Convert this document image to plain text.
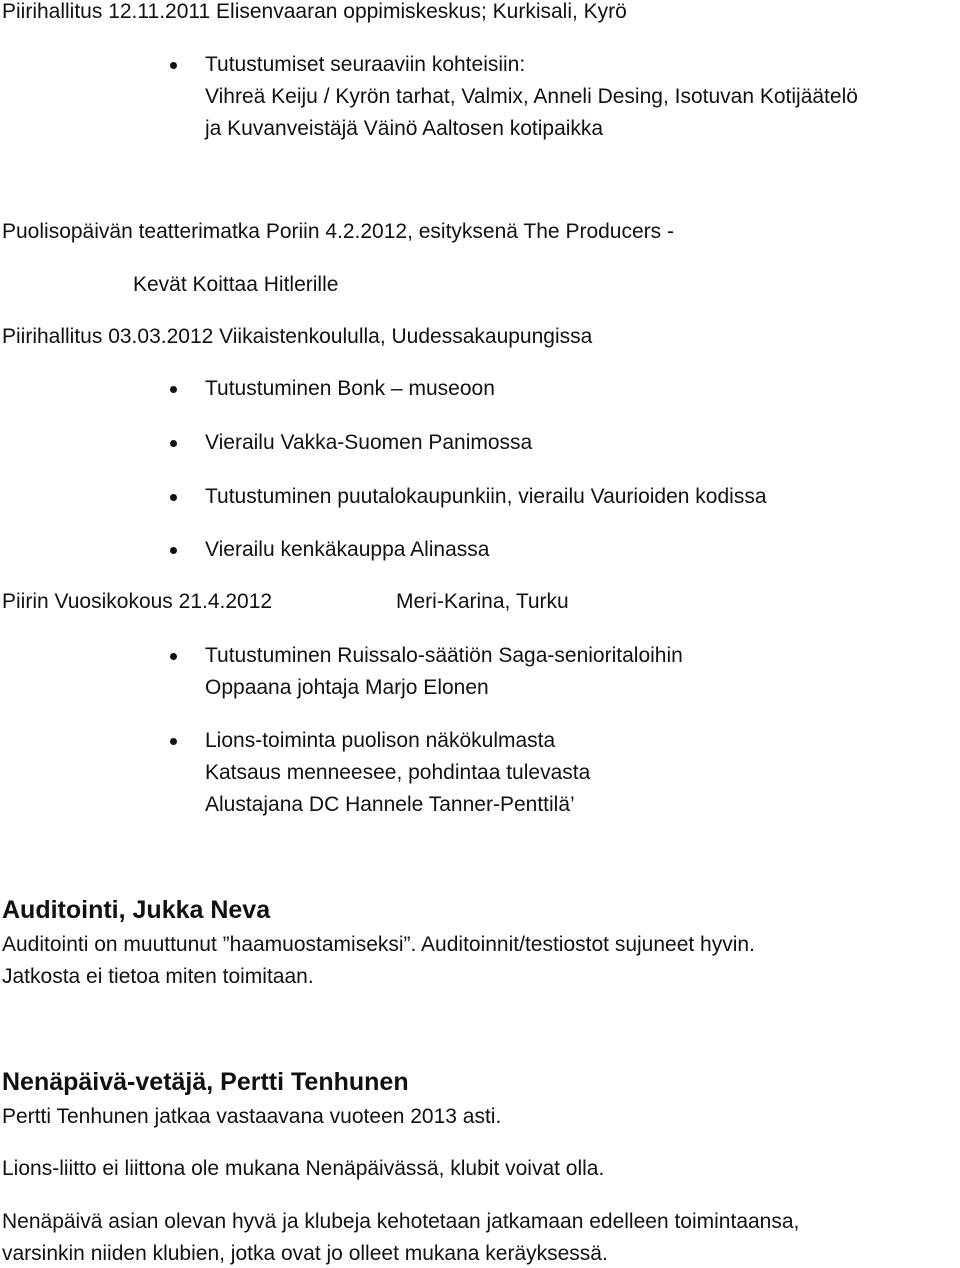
Piirihallitus 12.11.2011 Elisenvaaran oppimiskeskus; Kurkisali, Kyrö
Tutustumiset seuraaviin kohteisiin:
Vihreä Keiju / Kyrön tarhat, Valmix, Anneli Desing, Isotuvan Kotijäätelö
ja Kuvanveistäjä Väinö Aaltosen kotipaikka
Puolisopäivän teatterimatka Poriin 4.2.2012, esityksenä The Producers -
Kevät Koittaa Hitlerille
Piirihallitus 03.03.2012 Viikaistenkoululla, Uudessakaupungissa
Tutustuminen Bonk – museoon
Vierailu Vakka-Suomen Panimossa
Tutustuminen puutalokaupunkiin, vierailu Vaurioiden kodissa
Vierailu kenkäkauppa Alinassa
Piirin Vuosikokous 21.4.2012	Meri-Karina, Turku
Tutustuminen Ruissalo-säätiön Saga-senioritaloihin
Oppaana johtaja Marjo Elonen
Lions-toiminta puolison näkökulmasta
Katsaus menneesee, pohdintaa tulevasta
Alustajana DC Hannele Tanner-Penttilä’
Auditointi, Jukka Neva
Auditointi on muuttunut ”haamuostamiseksi”. Auditoinnit/testiostot sujuneet hyvin.
Jatkosta ei tietoa miten toimitaan.
Nenäpäivä-vetäjä, Pertti Tenhunen
Pertti Tenhunen jatkaa vastaavana vuoteen 2013 asti.
Lions-liitto ei liittona ole mukana Nenäpäivässä, klubit voivat olla.
Nenäpäivä asian olevan hyvä ja klubeja kehotetaan jatkamaan edelleen toimintaansa,
varsinkin niiden klubien, jotka ovat jo olleet mukana keräyksessä.
